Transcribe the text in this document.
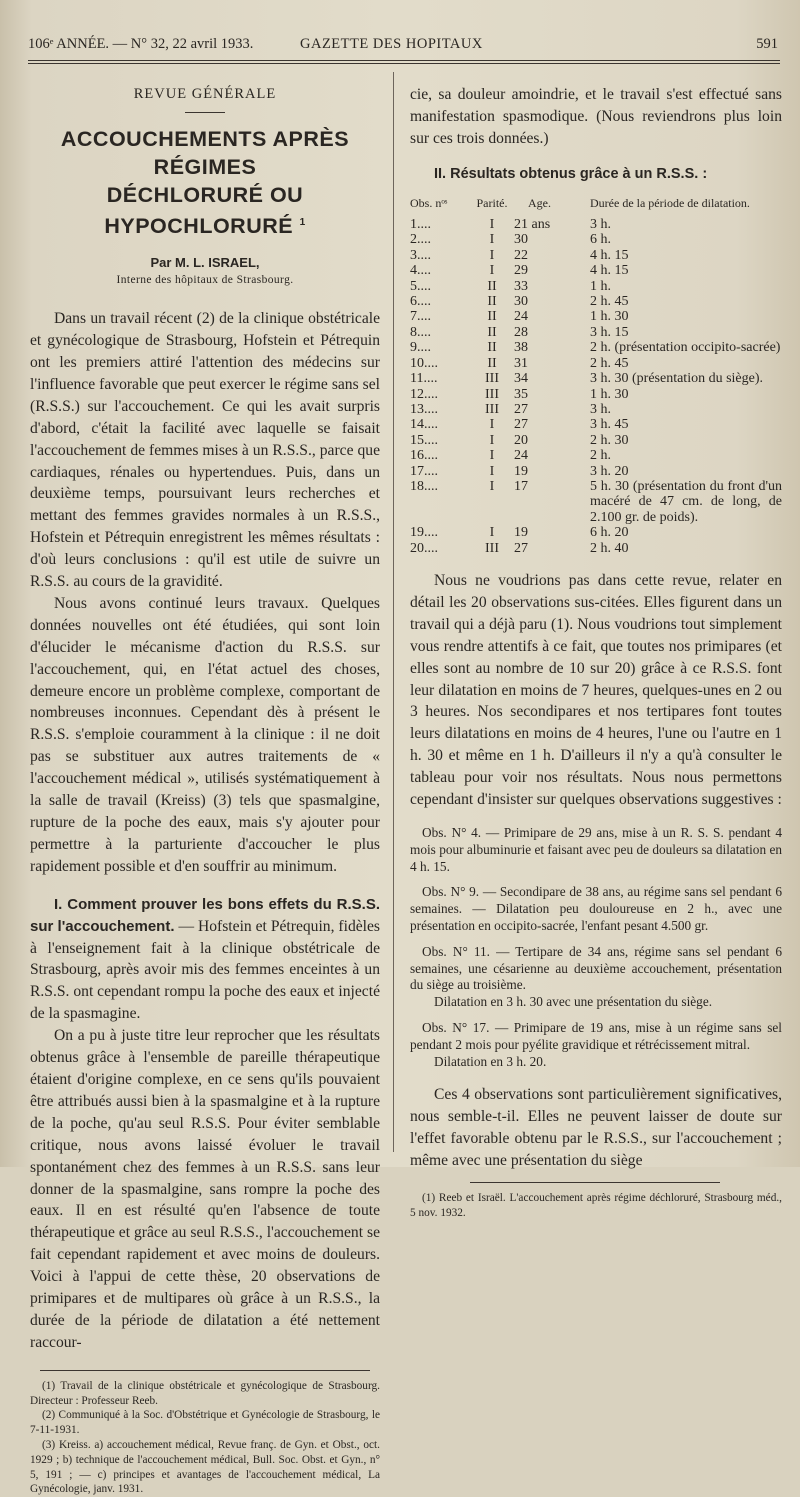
106ᵉ ANNÉE. — N° 32, 22 avril 1933.	GAZETTE DES HOPITAUX	591
REVUE GÉNÉRALE
ACCOUCHEMENTS APRÈS RÉGIMES
DÉCHLORURÉ OU HYPOCHLORURÉ $^1$
Par M. L. ISRAEL,
Interne des hôpitaux de Strasbourg.

Dans un travail récent (2) de la clinique obstétricale et gynécologique de Strasbourg, Hofstein et Pétrequin ont les premiers attiré l'attention des médecins sur l'influence favorable que peut exercer le régime sans sel (R.S.S.) sur l'accouchement. Ce qui les avait surpris d'abord, c'était la facilité avec laquelle se faisait l'accouchement de femmes mises à un R.S.S., parce que cardiaques, rénales ou hypertendues. Puis, dans un deuxième temps, poursuivant leurs recherches et mettant des femmes gravides normales à un R.S.S., Hofstein et Pétrequin enregistrent les mêmes résultats : d'où leurs conclusions : qu'il est utile de suivre un R.S.S. au cours de la gravidité.

Nous avons continué leurs travaux. Quelques données nouvelles ont été étudiées, qui sont loin d'élucider le mécanisme d'action du R.S.S. sur l'accouchement, qui, en l'état actuel des choses, demeure encore un problème complexe, comportant de nombreuses inconnues. Cependant dès à présent le R.S.S. s'emploie couramment à la clinique : il ne doit pas se substituer aux autres traitements de « l'accouchement médical », utilisés systématiquement à la salle de travail (Kreiss) (3) tels que spasmalgine, rupture de la poche des eaux, mais s'y ajouter pour permettre à la parturiente d'accoucher le plus rapidement possible et d'en souffrir au minimum.

I. Comment prouver les bons effets du R.S.S. sur l'accouchement. — Hofstein et Pétrequin, fidèles à l'enseignement fait à la clinique obstétricale de Strasbourg, après avoir mis des femmes enceintes à un R.S.S. ont cependant rompu la poche des eaux et injecté de la spasmagine.

On a pu à juste titre leur reprocher que les résultats obtenus grâce à l'ensemble de pareille thérapeutique étaient d'origine complexe, en ce sens qu'ils pouvaient être attribués aussi bien à la spasmalgine et à la rupture de la poche, qu'au seul R.S.S. Pour éviter semblable critique, nous avons laissé évoluer le travail spontanément chez des femmes à un R.S.S. sans leur donner de la spasmalgine, sans rompre la poche des eaux. Il en est résulté qu'en l'absence de toute thérapeutique et grâce au seul R.S.S., l'accouchement se fait cependant rapidement et avec moins de douleurs. Voici à l'appui de cette thèse, 20 observations de primipares et de multipares où grâce à un R.S.S., la durée de la période de dilatation a été nettement raccour-

(1) Travail de la clinique obstétricale et gynécologique de Strasbourg. Directeur : Professeur Reeb.

(2) Communiqué à la Soc. d'Obstétrique et Gynécologie de Strasbourg, le 7-11-1931.

(3) Kreiss. a) accouchement médical, Revue franç. de Gyn. et Obst., oct. 1929 ; b) technique de l'accouchement médical, Bull. Soc. Obst. et Gyn., n° 5, 191 ; — c) principes et avantages de l'accouchement médical, La Gynécologie, janv. 1931.

cie, sa douleur amoindrie, et le travail s'est effectué sans manifestation spasmodique. (Nous reviendrons plus loin sur ces trois données.)

II. Résultats obtenus grâce à un R.S.S. :
Obs. nᵒˢ	Parité.	Age.	Durée de la période de dilatation.
1....	I	21 ans	3 h.
2....	I	30	6 h.
3....	I	22	4 h. 15
4....	I	29	4 h. 15
5....	II	33	1 h.
6....	II	30	2 h. 45
7....	II	24	1 h. 30
8....	II	28	3 h. 15
9....	II	38	2 h. (présentation occipito-sacrée)
10....	II	31	2 h. 45
11....	III	34	3 h. 30 (présentation du siège).
12....	III	35	1 h. 30
13....	III	27	3 h.
14....	I	27	3 h. 45
15....	I	20	2 h. 30
16....	I	24	2 h.
17....	I	19	3 h. 20
18....	I	17	5 h. 30 (présentation du front d'un macéré de 47 cm. de long, de 2.100 gr. de poids).
19....	I	19	6 h. 20
20....	III	27	2 h. 40

Nous ne voudrions pas dans cette revue, relater en détail les 20 observations sus-citées. Elles figurent dans un travail qui a déjà paru (1). Nous voudrions tout simplement vous rendre attentifs à ce fait, que toutes nos primipares (et elles sont au nombre de 10 sur 20) grâce à ce R.S.S. font leur dilatation en moins de 7 heures, quelques-unes en 2 ou 3 heures. Nos secondipares et nos tertipares font toutes leurs dilatations en moins de 4 heures, l'une ou l'autre en 1 h. 30 et même en 1 h. D'ailleurs il n'y a qu'à consulter le tableau pour voir nos résultats. Nous nous permettons cependant d'insister sur quelques observations suggestives :

Obs. N° 4. — Primipare de 29 ans, mise à un R. S. S. pendant 4 mois pour albuminurie et faisant avec peu de douleurs sa dilatation en 4 h. 15.

Obs. N° 9. — Secondipare de 38 ans, au régime sans sel pendant 6 semaines. — Dilatation peu douloureuse en 2 h., avec une présentation en occipito-sacrée, l'enfant pesant 4.500 gr.

Obs. N° 11. — Tertipare de 34 ans, régime sans sel pendant 6 semaines, une césarienne au deuxième accouchement, présentation du siège au troisième.

Dilatation en 3 h. 30 avec une présentation du siège.

Obs. N° 17. — Primipare de 19 ans, mise à un régime sans sel pendant 2 mois pour pyélite gravidique et rétrécissement mitral.

Dilatation en 3 h. 20.

Ces 4 observations sont particulièrement significatives, nous semble-t-il. Elles ne peuvent laisser de doute sur l'effet favorable obtenu par le R.S.S., sur l'accouchement ; même avec une présentation du siège

(1) Reeb et Israël. L'accouchement après régime déchloruré, Strasbourg méd., 5 nov. 1932.
